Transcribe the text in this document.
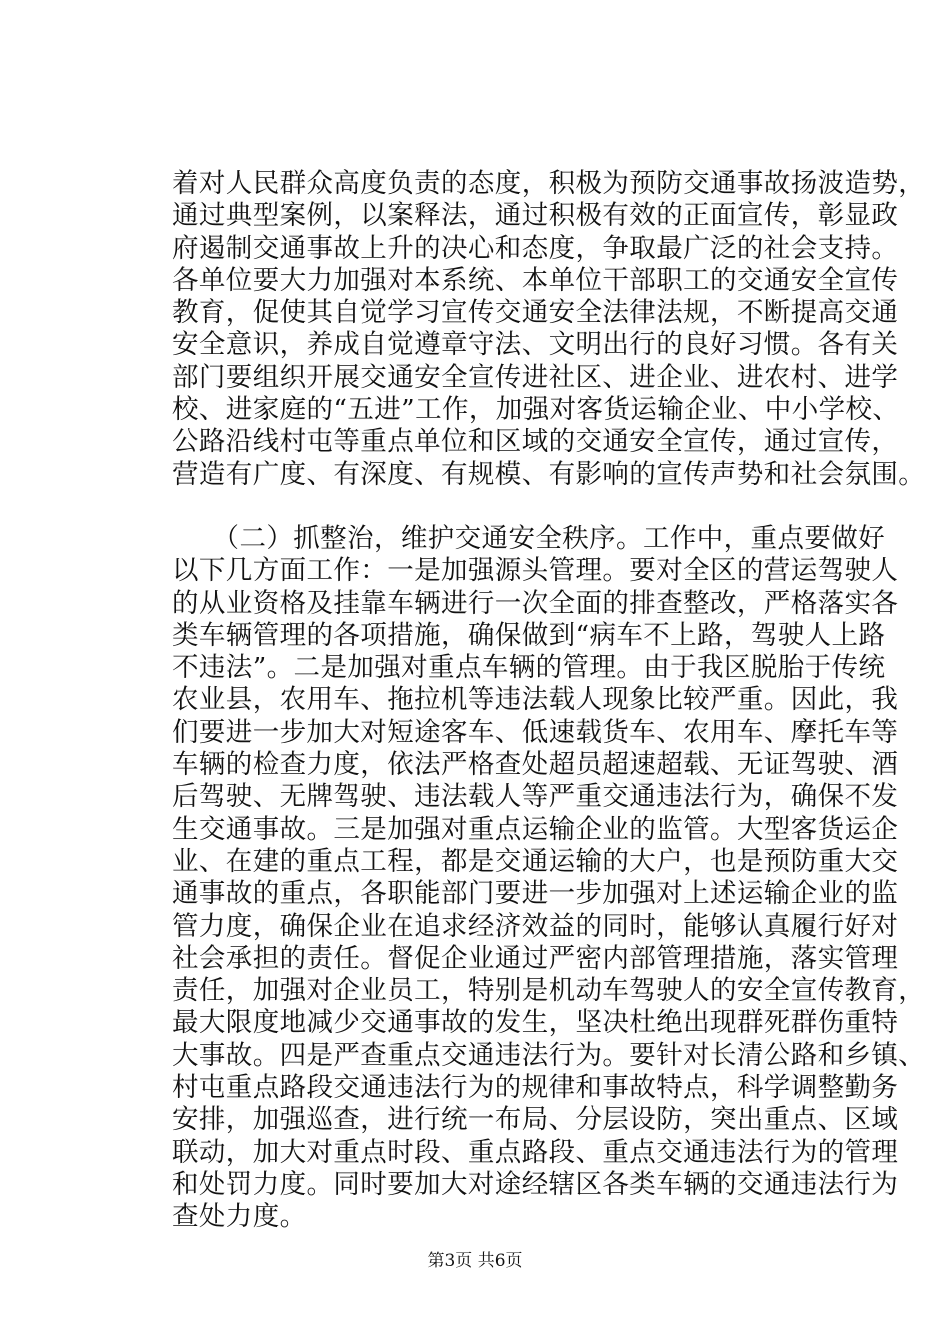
着对人民群众高度负责的态度，积极为预防交通事故扬波造势，
通过典型案例，以案释法，通过积极有效的正面宣传，彰显政
府遏制交通事故上升的决心和态度，争取最广泛的社会支持。
各单位要大力加强对本系统、本单位干部职工的交通安全宣传
教育，促使其自觉学习宣传交通安全法律法规，不断提高交通
安全意识，养成自觉遵章守法、文明出行的良好习惯。各有关
部门要组织开展交通安全宣传进社区、进企业、进农村、进学
校、进家庭的“五进”工作，加强对客货运输企业、中小学校、
公路沿线村屯等重点单位和区域的交通安全宣传，通过宣传，
营造有广度、有深度、有规模、有影响的宣传声势和社会氛围。
　　（二）抓整治，维护交通安全秩序。工作中，重点要做好
以下几方面工作：一是加强源头管理。要对全区的营运驾驶人
的从业资格及挂靠车辆进行一次全面的排查整改，严格落实各
类车辆管理的各项措施，确保做到“病车不上路，驾驶人上路
不违法”。二是加强对重点车辆的管理。由于我区脱胎于传统
农业县，农用车、拖拉机等违法载人现象比较严重。因此，我
们要进一步加大对短途客车、低速载货车、农用车、摩托车等
车辆的检查力度，依法严格查处超员超速超载、无证驾驶、酒
后驾驶、无牌驾驶、违法载人等严重交通违法行为，确保不发
生交通事故。三是加强对重点运输企业的监管。大型客货运企
业、在建的重点工程，都是交通运输的大户，也是预防重大交
通事故的重点，各职能部门要进一步加强对上述运输企业的监
管力度，确保企业在追求经济效益的同时，能够认真履行好对
社会承担的责任。督促企业通过严密内部管理措施，落实管理
责任，加强对企业员工，特别是机动车驾驶人的安全宣传教育，
最大限度地减少交通事故的发生，坚决杜绝出现群死群伤重特
大事故。四是严查重点交通违法行为。要针对长清公路和乡镇、
村屯重点路段交通违法行为的规律和事故特点，科学调整勤务
安排，加强巡查，进行统一布局、分层设防，突出重点、区域
联动，加大对重点时段、重点路段、重点交通违法行为的管理
和处罚力度。同时要加大对途经辖区各类车辆的交通违法行为
查处力度。
第3页 共6页
